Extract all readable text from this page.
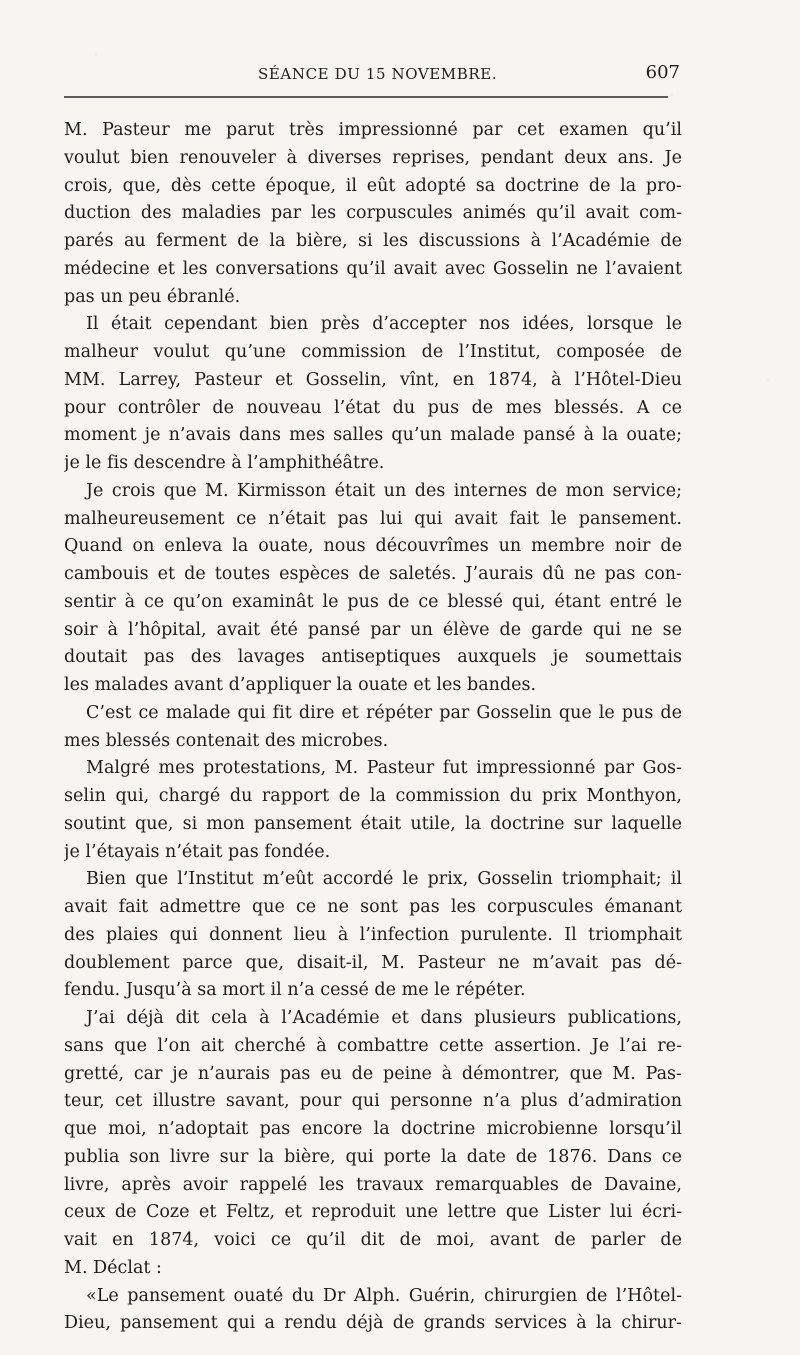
SÉANCE DU 15 NOVEMBRE.	607
M. Pasteur me parut très impressionné par cet examen qu’il
voulut bien renouveler à diverses reprises, pendant deux ans. Je
crois, que, dès cette époque, il eût adopté sa doctrine de la pro-
duction des maladies par les corpuscules animés qu’il avait com-
parés au ferment de la bière, si les discussions à l’Académie de
médecine et les conversations qu’il avait avec Gosselin ne l’avaient
pas un peu ébranlé.
Il était cependant bien près d’accepter nos idées, lorsque le
malheur voulut qu’une commission de l’Institut, composée de
MM. Larrey, Pasteur et Gosselin, vînt, en 1874, à l’Hôtel-Dieu
pour contrôler de nouveau l’état du pus de mes blessés. A ce
moment je n’avais dans mes salles qu’un malade pansé à la ouate;
je le fis descendre à l’amphithéâtre.
Je crois que M. Kirmisson était un des internes de mon service;
malheureusement ce n’était pas lui qui avait fait le pansement.
Quand on enleva la ouate, nous découvrîmes un membre noir de
cambouis et de toutes espèces de saletés. J’aurais dû ne pas con-
sentir à ce qu’on examinât le pus de ce blessé qui, étant entré le
soir à l’hôpital, avait été pansé par un élève de garde qui ne se
doutait pas des lavages antiseptiques auxquels je soumettais
les malades avant d’appliquer la ouate et les bandes.
C’est ce malade qui fit dire et répéter par Gosselin que le pus de
mes blessés contenait des microbes.
Malgré mes protestations, M. Pasteur fut impressionné par Gos-
selin qui, chargé du rapport de la commission du prix Monthyon,
soutint que, si mon pansement était utile, la doctrine sur laquelle
je l’étayais n’était pas fondée.
Bien que l’Institut m’eût accordé le prix, Gosselin triomphait; il
avait fait admettre que ce ne sont pas les corpuscules émanant
des plaies qui donnent lieu à l’infection purulente. Il triomphait
doublement parce que, disait-il, M. Pasteur ne m’avait pas dé-
fendu. Jusqu’à sa mort il n’a cessé de me le répéter.
J’ai déjà dit cela à l’Académie et dans plusieurs publications,
sans que l’on ait cherché à combattre cette assertion. Je l’ai re-
gretté, car je n’aurais pas eu de peine à démontrer, que M. Pas-
teur, cet illustre savant, pour qui personne n’a plus d’admiration
que moi, n’adoptait pas encore la doctrine microbienne lorsqu’il
publia son livre sur la bière, qui porte la date de 1876. Dans ce
livre, après avoir rappelé les travaux remarquables de Davaine,
ceux de Coze et Feltz, et reproduit une lettre que Lister lui écri-
vait en 1874, voici ce qu’il dit de moi, avant de parler de
M. Déclat :
«Le pansement ouaté du Dr Alph. Guérin, chirurgien de l’Hôtel-
Dieu, pansement qui a rendu déjà de grands services à la chirur-
